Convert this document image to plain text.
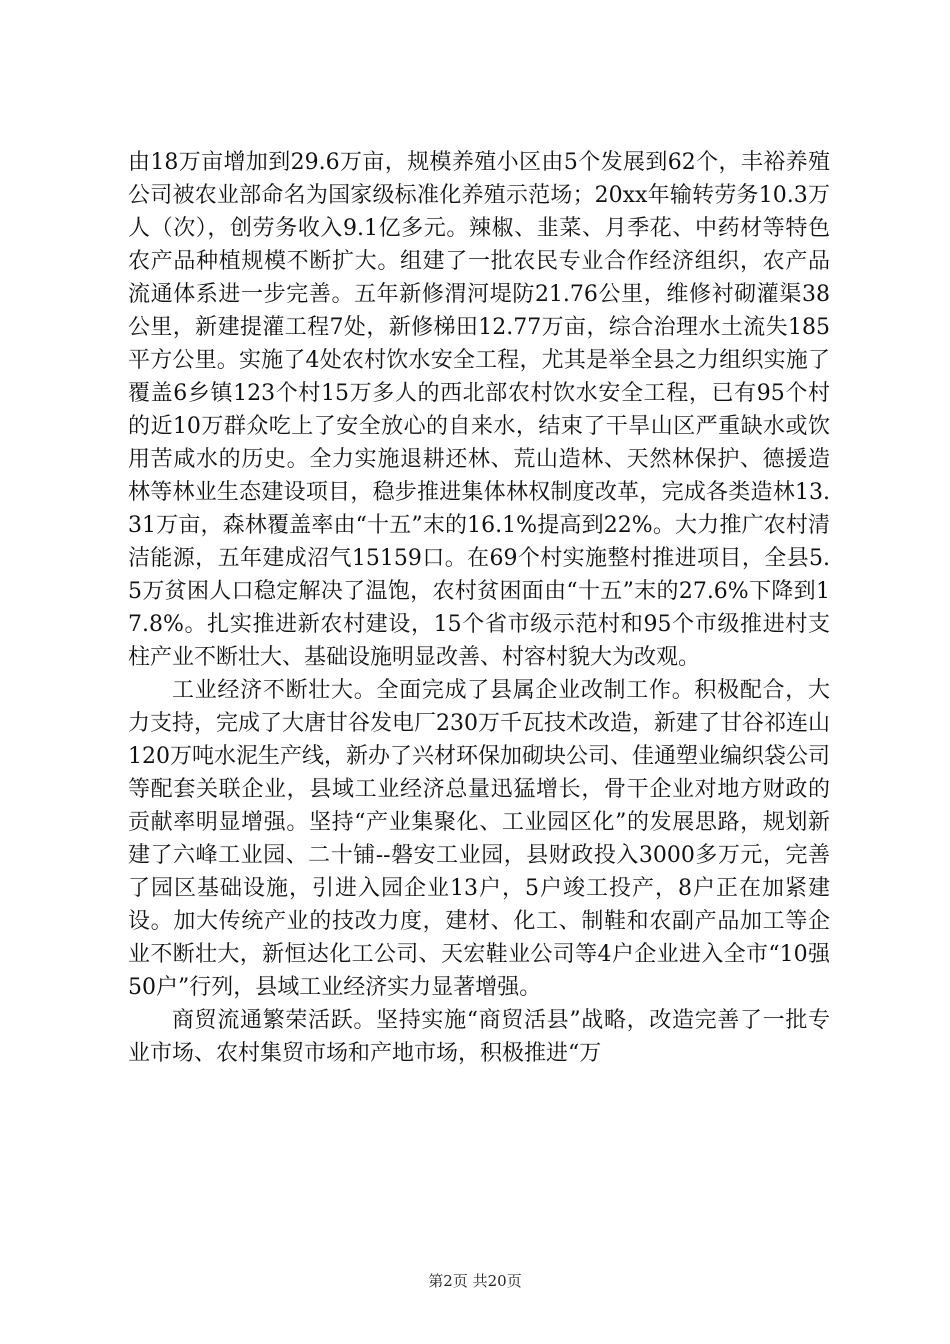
由18万亩增加到29.6万亩，规模养殖小区由5个发展到62个，丰裕养殖公司被农业部命名为国家级标准化养殖示范场；20xx年输转劳务10.3万人（次），创劳务收入9.1亿多元。辣椒、韭菜、月季花、中药材等特色农产品种植规模不断扩大。组建了一批农民专业合作经济组织，农产品流通体系进一步完善。五年新修渭河堤防21.76公里，维修衬砌灌渠38公里，新建提灌工程7处，新修梯田12.77万亩，综合治理水土流失185平方公里。实施了4处农村饮水安全工程，尤其是举全县之力组织实施了覆盖6乡镇123个村15万多人的西北部农村饮水安全工程，已有95个村的近10万群众吃上了安全放心的自来水，结束了干旱山区严重缺水或饮用苦咸水的历史。全力实施退耕还林、荒山造林、天然林保护、德援造林等林业生态建设项目，稳步推进集体林权制度改革，完成各类造林13.31万亩，森林覆盖率由“十五”末的16.1%提高到22%。大力推广农村清洁能源，五年建成沼气15159口。在69个村实施整村推进项目，全县5.5万贫困人口稳定解决了温饱，农村贫困面由“十五”末的27.6%下降到17.8%。扎实推进新农村建设，15个省市级示范村和95个市级推进村支柱产业不断壮大、基础设施明显改善、村容村貌大为改观。

工业经济不断壮大。全面完成了县属企业改制工作。积极配合，大力支持，完成了大唐甘谷发电厂230万千瓦技术改造，新建了甘谷祁连山120万吨水泥生产线，新办了兴材环保加砌块公司、佳通塑业编织袋公司等配套关联企业，县域工业经济总量迅猛增长，骨干企业对地方财政的贡献率明显增强。坚持“产业集聚化、工业园区化”的发展思路，规划新建了六峰工业园、二十铺--磐安工业园，县财政投入3000多万元，完善了园区基础设施，引进入园企业13户，5户竣工投产，8户正在加紧建设。加大传统产业的技改力度，建材、化工、制鞋和农副产品加工等企业不断壮大，新恒达化工公司、天宏鞋业公司等4户企业进入全市“10强50户”行列，县域工业经济实力显著增强。

商贸流通繁荣活跃。坚持实施“商贸活县”战略，改造完善了一批专业市场、农村集贸市场和产地市场，积极推进“万

第2页 共20页
